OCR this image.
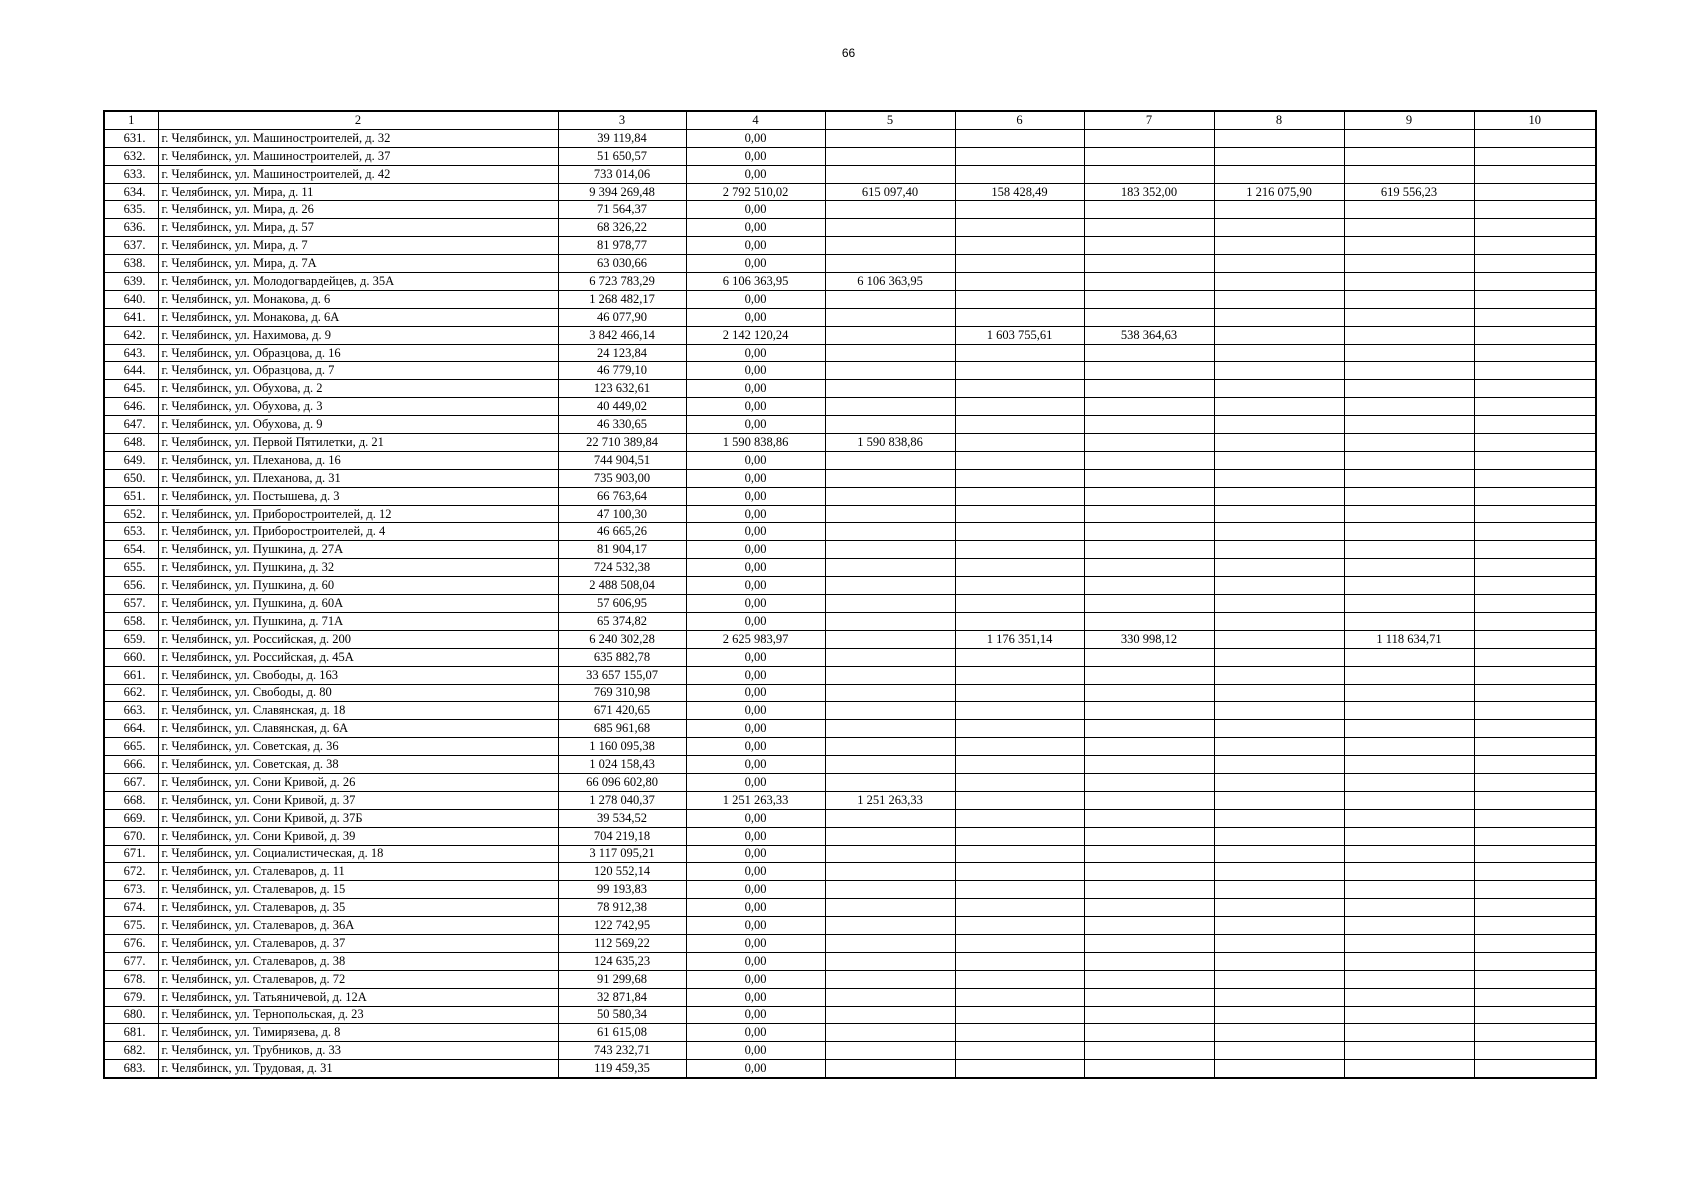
66
1	2	3	4	5	6	7	8	9	10
631.	г. Челябинск, ул. Машиностроителей, д. 32	39 119,84	0,00						
632.	г. Челябинск, ул. Машиностроителей, д. 37	51 650,57	0,00						
633.	г. Челябинск, ул. Машиностроителей, д. 42	733 014,06	0,00						
634.	г. Челябинск, ул. Мира, д. 11	9 394 269,48	2 792 510,02	615 097,40	158 428,49	183 352,00	1 216 075,90	619 556,23	
635.	г. Челябинск, ул. Мира, д. 26	71 564,37	0,00						
636.	г. Челябинск, ул. Мира, д. 57	68 326,22	0,00						
637.	г. Челябинск, ул. Мира, д. 7	81 978,77	0,00						
638.	г. Челябинск, ул. Мира, д. 7А	63 030,66	0,00						
639.	г. Челябинск, ул. Молодогвардейцев, д. 35А	6 723 783,29	6 106 363,95	6 106 363,95					
640.	г. Челябинск, ул. Монакова, д. 6	1 268 482,17	0,00						
641.	г. Челябинск, ул. Монакова, д. 6А	46 077,90	0,00						
642.	г. Челябинск, ул. Нахимова, д. 9	3 842 466,14	2 142 120,24		1 603 755,61	538 364,63			
643.	г. Челябинск, ул. Образцова, д. 16	24 123,84	0,00						
644.	г. Челябинск, ул. Образцова, д. 7	46 779,10	0,00						
645.	г. Челябинск, ул. Обухова, д. 2	123 632,61	0,00						
646.	г. Челябинск, ул. Обухова, д. 3	40 449,02	0,00						
647.	г. Челябинск, ул. Обухова, д. 9	46 330,65	0,00						
648.	г. Челябинск, ул. Первой Пятилетки, д. 21	22 710 389,84	1 590 838,86	1 590 838,86					
649.	г. Челябинск, ул. Плеханова, д. 16	744 904,51	0,00						
650.	г. Челябинск, ул. Плеханова, д. 31	735 903,00	0,00						
651.	г. Челябинск, ул. Постышева, д. 3	66 763,64	0,00						
652.	г. Челябинск, ул. Приборостроителей, д. 12	47 100,30	0,00						
653.	г. Челябинск, ул. Приборостроителей, д. 4	46 665,26	0,00						
654.	г. Челябинск, ул. Пушкина, д. 27А	81 904,17	0,00						
655.	г. Челябинск, ул. Пушкина, д. 32	724 532,38	0,00						
656.	г. Челябинск, ул. Пушкина, д. 60	2 488 508,04	0,00						
657.	г. Челябинск, ул. Пушкина, д. 60А	57 606,95	0,00						
658.	г. Челябинск, ул. Пушкина, д. 71А	65 374,82	0,00						
659.	г. Челябинск, ул. Российская, д. 200	6 240 302,28	2 625 983,97		1 176 351,14	330 998,12		1 118 634,71	
660.	г. Челябинск, ул. Российская, д. 45А	635 882,78	0,00						
661.	г. Челябинск, ул. Свободы, д. 163	33 657 155,07	0,00						
662.	г. Челябинск, ул. Свободы, д. 80	769 310,98	0,00						
663.	г. Челябинск, ул. Славянская, д. 18	671 420,65	0,00						
664.	г. Челябинск, ул. Славянская, д. 6А	685 961,68	0,00						
665.	г. Челябинск, ул. Советская, д. 36	1 160 095,38	0,00						
666.	г. Челябинск, ул. Советская, д. 38	1 024 158,43	0,00						
667.	г. Челябинск, ул. Сони Кривой, д. 26	66 096 602,80	0,00						
668.	г. Челябинск, ул. Сони Кривой, д. 37	1 278 040,37	1 251 263,33	1 251 263,33					
669.	г. Челябинск, ул. Сони Кривой, д. 37Б	39 534,52	0,00						
670.	г. Челябинск, ул. Сони Кривой, д. 39	704 219,18	0,00						
671.	г. Челябинск, ул. Социалистическая, д. 18	3 117 095,21	0,00						
672.	г. Челябинск, ул. Сталеваров, д. 11	120 552,14	0,00						
673.	г. Челябинск, ул. Сталеваров, д. 15	99 193,83	0,00						
674.	г. Челябинск, ул. Сталеваров, д. 35	78 912,38	0,00						
675.	г. Челябинск, ул. Сталеваров, д. 36А	122 742,95	0,00						
676.	г. Челябинск, ул. Сталеваров, д. 37	112 569,22	0,00						
677.	г. Челябинск, ул. Сталеваров, д. 38	124 635,23	0,00						
678.	г. Челябинск, ул. Сталеваров, д. 72	91 299,68	0,00						
679.	г. Челябинск, ул. Татьяничевой, д. 12А	32 871,84	0,00						
680.	г. Челябинск, ул. Тернопольская, д. 23	50 580,34	0,00						
681.	г. Челябинск, ул. Тимирязева, д. 8	61 615,08	0,00						
682.	г. Челябинск, ул. Трубников, д. 33	743 232,71	0,00						
683.	г. Челябинск, ул. Трудовая, д. 31	119 459,35	0,00						
